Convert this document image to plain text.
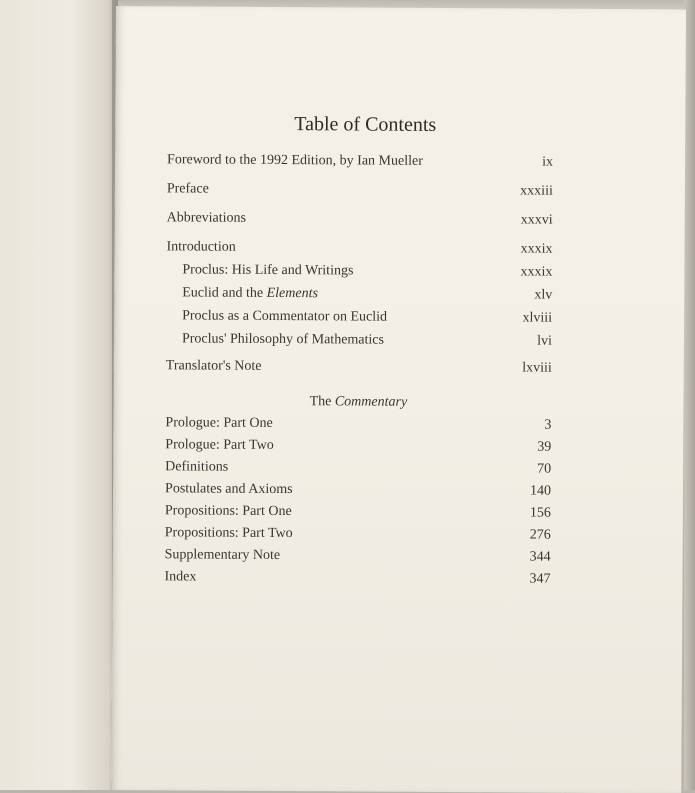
Table of Contents
Foreword to the 1992 Edition, by Ian Mueller	ix
Preface	xxxiii
Abbreviations	xxxvi
Introduction	xxxix
Proclus: His Life and Writings	xxxix
Euclid and the Elements	xlv
Proclus as a Commentator on Euclid	xlviii
Proclus' Philosophy of Mathematics	lvi
Translator's Note	lxviii
The Commentary
Prologue: Part One	3
Prologue: Part Two	39
Definitions	70
Postulates and Axioms	140
Propositions: Part One	156
Propositions: Part Two	276
Supplementary Note	344
Index	347
